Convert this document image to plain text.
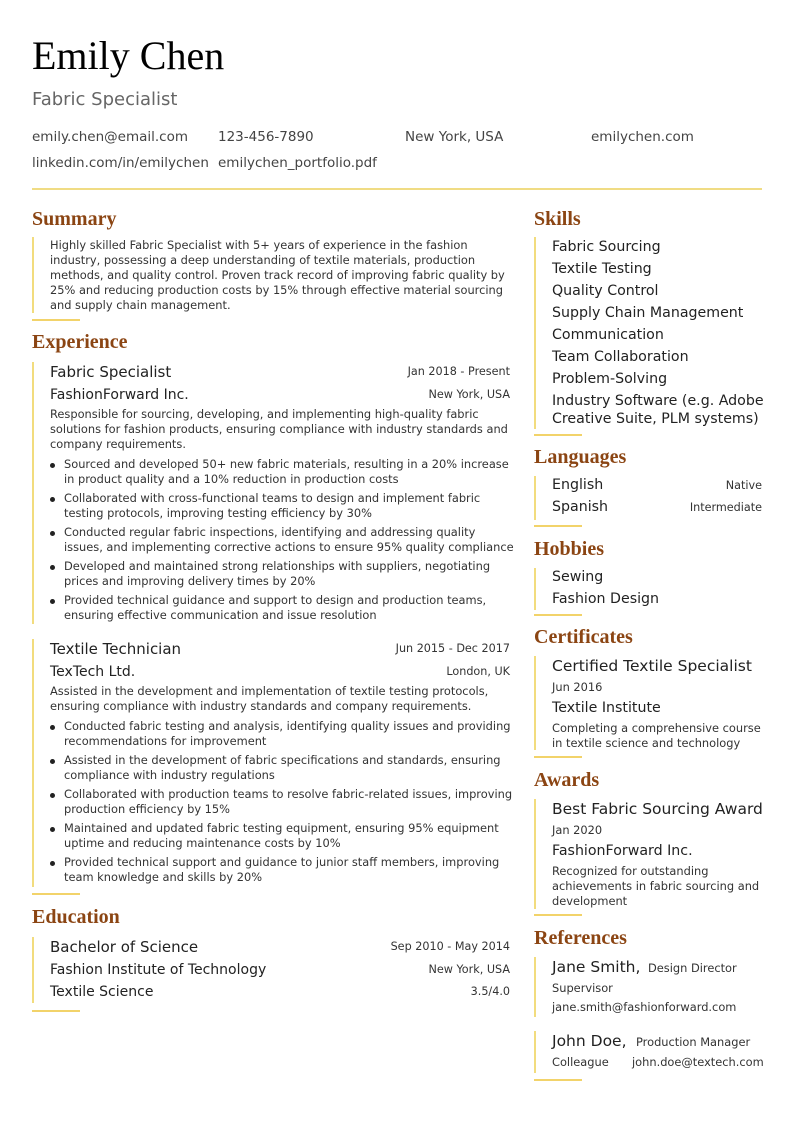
Emily Chen
Fabric Specialist
emily.chen@email.com 123-456-7890	New York, USA	emilychen.com
linkedin.com/in/emilychen emilychen_portfolio.pdf
Summary
Highly skilled Fabric Specialist with 5+ years of experience in the fashion industry, possessing a deep understanding of textile materials, production methods, and quality control. Proven track record of improving fabric quality by 25% and reducing production costs by 15% through effective material sourcing and supply chain management.
Experience
Fabric Specialist	Jan 2018 - Present
FashionForward Inc.	New York, USA
Responsible for sourcing, developing, and implementing high-quality fabric solutions for fashion products, ensuring compliance with industry standards and company requirements.
Sourced and developed 50+ new fabric materials, resulting in a 20% increase in product quality and a 10% reduction in production costs
Collaborated with cross-functional teams to design and implement fabric testing protocols, improving testing efficiency by 30%
Conducted regular fabric inspections, identifying and addressing quality issues, and implementing corrective actions to ensure 95% quality compliance
Developed and maintained strong relationships with suppliers, negotiating prices and improving delivery times by 20%
Provided technical guidance and support to design and production teams, ensuring effective communication and issue resolution
Textile Technician	Jun 2015 - Dec 2017
TexTech Ltd.	London, UK
Assisted in the development and implementation of textile testing protocols, ensuring compliance with industry standards and company requirements.
Conducted fabric testing and analysis, identifying quality issues and providing recommendations for improvement
Assisted in the development of fabric specifications and standards, ensuring compliance with industry regulations
Collaborated with production teams to resolve fabric-related issues, improving production efficiency by 15%
Maintained and updated fabric testing equipment, ensuring 95% equipment uptime and reducing maintenance costs by 10%
Provided technical support and guidance to junior staff members, improving team knowledge and skills by 20%
Education
Bachelor of Science	Sep 2010 - May 2014
Fashion Institute of Technology	New York, USA
Textile Science	3.5/4.0
Skills
Fabric Sourcing
Textile Testing
Quality Control
Supply Chain Management
Communication
Team Collaboration
Problem-Solving
Industry Software (e.g. Adobe Creative Suite, PLM systems)
Languages
English	Native
Spanish	Intermediate
Hobbies
Sewing
Fashion Design
Certificates
Certified Textile Specialist
Jun 2016
Textile Institute
Completing a comprehensive course in textile science and technology
Awards
Best Fabric Sourcing Award
Jan 2020
FashionForward Inc.
Recognized for outstanding achievements in fabric sourcing and development
References
Jane Smith, Design Director
Supervisor
jane.smith@fashionforward.com
John Doe, Production Manager
Colleague john.doe@textech.com
